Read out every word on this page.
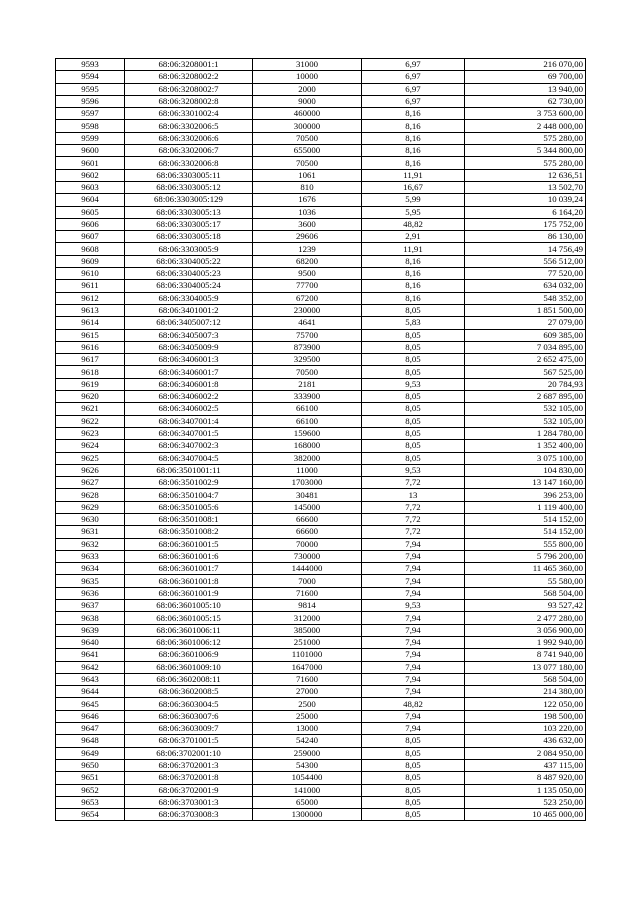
9593	68:06:3208001:1	31000	6,97	216 070,00
9594	68:06:3208002:2	10000	6,97	69 700,00
9595	68:06:3208002:7	2000	6,97	13 940,00
9596	68:06:3208002:8	9000	6,97	62 730,00
9597	68:06:3301002:4	460000	8,16	3 753 600,00
9598	68:06:3302006:5	300000	8,16	2 448 000,00
9599	68:06:3302006:6	70500	8,16	575 280,00
9600	68:06:3302006:7	655000	8,16	5 344 800,00
9601	68:06:3302006:8	70500	8,16	575 280,00
9602	68:06:3303005:11	1061	11,91	12 636,51
9603	68:06:3303005:12	810	16,67	13 502,70
9604	68:06:3303005:129	1676	5,99	10 039,24
9605	68:06:3303005:13	1036	5,95	6 164,20
9606	68:06:3303005:17	3600	48,82	175 752,00
9607	68:06:3303005:18	29606	2,91	86 130,00
9608	68:06:3303005:9	1239	11,91	14 756,49
9609	68:06:3304005:22	68200	8,16	556 512,00
9610	68:06:3304005:23	9500	8,16	77 520,00
9611	68:06:3304005:24	77700	8,16	634 032,00
9612	68:06:3304005:9	67200	8,16	548 352,00
9613	68:06:3401001:2	230000	8,05	1 851 500,00
9614	68:06:3405007:12	4641	5,83	27 079,00
9615	68:06:3405007:3	75700	8,05	609 385,00
9616	68:06:3405009:9	873900	8,05	7 034 895,00
9617	68:06:3406001:3	329500	8,05	2 652 475,00
9618	68:06:3406001:7	70500	8,05	567 525,00
9619	68:06:3406001:8	2181	9,53	20 784,93
9620	68:06:3406002:2	333900	8,05	2 687 895,00
9621	68:06:3406002:5	66100	8,05	532 105,00
9622	68:06:3407001:4	66100	8,05	532 105,00
9623	68:06:3407001:5	159600	8,05	1 284 780,00
9624	68:06:3407002:3	168000	8,05	1 352 400,00
9625	68:06:3407004:5	382000	8,05	3 075 100,00
9626	68:06:3501001:11	11000	9,53	104 830,00
9627	68:06:3501002:9	1703000	7,72	13 147 160,00
9628	68:06:3501004:7	30481	13	396 253,00
9629	68:06:3501005:6	145000	7,72	1 119 400,00
9630	68:06:3501008:1	66600	7,72	514 152,00
9631	68:06:3501008:2	66600	7,72	514 152,00
9632	68:06:3601001:5	70000	7,94	555 800,00
9633	68:06:3601001:6	730000	7,94	5 796 200,00
9634	68:06:3601001:7	1444000	7,94	11 465 360,00
9635	68:06:3601001:8	7000	7,94	55 580,00
9636	68:06:3601001:9	71600	7,94	568 504,00
9637	68:06:3601005:10	9814	9,53	93 527,42
9638	68:06:3601005:15	312000	7,94	2 477 280,00
9639	68:06:3601006:11	385000	7,94	3 056 900,00
9640	68:06:3601006:12	251000	7,94	1 992 940,00
9641	68:06:3601006:9	1101000	7,94	8 741 940,00
9642	68:06:3601009:10	1647000	7,94	13 077 180,00
9643	68:06:3602008:11	71600	7,94	568 504,00
9644	68:06:3602008:5	27000	7,94	214 380,00
9645	68:06:3603004:5	2500	48,82	122 050,00
9646	68:06:3603007:6	25000	7,94	198 500,00
9647	68:06:3603009:7	13000	7,94	103 220,00
9648	68:06:3701001:5	54240	8,05	436 632,00
9649	68:06:3702001:10	259000	8,05	2 084 950,00
9650	68:06:3702001:3	54300	8,05	437 115,00
9651	68:06:3702001:8	1054400	8,05	8 487 920,00
9652	68:06:3702001:9	141000	8,05	1 135 050,00
9653	68:06:3703001:3	65000	8,05	523 250,00
9654	68:06:3703008:3	1300000	8,05	10 465 000,00
